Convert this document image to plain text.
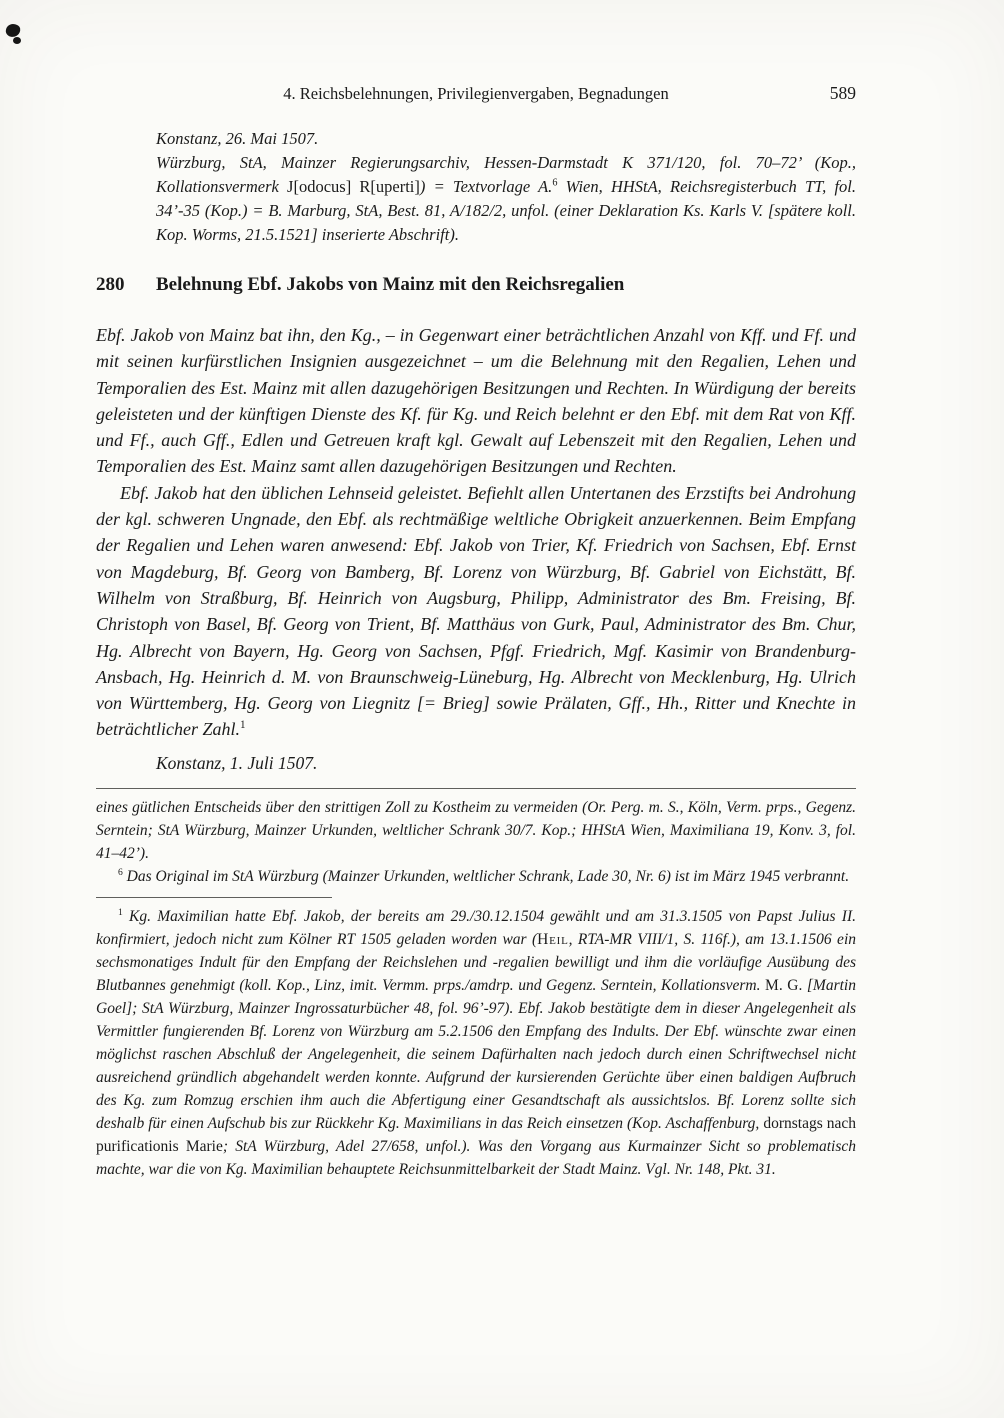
4. Reichsbelehnungen, Privilegienvergaben, Begnadungen	589

Konstanz, 26. Mai 1507.

Würzburg, StA, Mainzer Regierungsarchiv, Hessen-Darmstadt K 371/120, fol. 70–72’ (Kop., Kollationsvermerk J[odocus] R[uperti]) = Textvorlage A.$^6$ Wien, HHStA, Reichsregisterbuch TT, fol. 34’-35 (Kop.) = B. Marburg, StA, Best. 81, A/182/2, unfol. (einer Deklaration Ks. Karls V. [spätere koll. Kop. Worms, 21.5.1521] inserierte Abschrift).

280	Belehnung Ebf. Jakobs von Mainz mit den Reichsregalien

Ebf. Jakob von Mainz bat ihn, den Kg., – in Gegenwart einer beträchtlichen Anzahl von Kff. und Ff. und mit seinen kurfürstlichen Insignien ausgezeichnet – um die Belehnung mit den Regalien, Lehen und Temporalien des Est. Mainz mit allen dazugehörigen Besitzungen und Rechten. In Würdigung der bereits geleisteten und der künftigen Dienste des Kf. für Kg. und Reich belehnt er den Ebf. mit dem Rat von Kff. und Ff., auch Gff., Edlen und Getreuen kraft kgl. Gewalt auf Lebenszeit mit den Regalien, Lehen und Temporalien des Est. Mainz samt allen dazugehörigen Besitzungen und Rechten.

Ebf. Jakob hat den üblichen Lehnseid geleistet. Befiehlt allen Untertanen des Erzstifts bei Androhung der kgl. schweren Ungnade, den Ebf. als rechtmäßige weltliche Obrigkeit anzuerkennen. Beim Empfang der Regalien und Lehen waren anwesend: Ebf. Jakob von Trier, Kf. Friedrich von Sachsen, Ebf. Ernst von Magdeburg, Bf. Georg von Bamberg, Bf. Lorenz von Würzburg, Bf. Gabriel von Eichstätt, Bf. Wilhelm von Straßburg, Bf. Heinrich von Augsburg, Philipp, Administrator des Bm. Freising, Bf. Christoph von Basel, Bf. Georg von Trient, Bf. Matthäus von Gurk, Paul, Administrator des Bm. Chur, Hg. Albrecht von Bayern, Hg. Georg von Sachsen, Pfgf. Friedrich, Mgf. Kasimir von Brandenburg-Ansbach, Hg. Heinrich d. M. von Braunschweig-Lüneburg, Hg. Albrecht von Mecklenburg, Hg. Ulrich von Württemberg, Hg. Georg von Liegnitz [= Brieg] sowie Prälaten, Gff., Hh., Ritter und Knechte in beträchtlicher Zahl.$^1$

Konstanz, 1. Juli 1507.

eines gütlichen Entscheids über den strittigen Zoll zu Kostheim zu vermeiden (Or. Perg. m. S., Köln, Verm. prps., Gegenz. Serntein; StA Würzburg, Mainzer Urkunden, weltlicher Schrank 30/7. Kop.; HHStA Wien, Maximiliana 19, Konv. 3, fol. 41–42’).

$^6$ Das Original im StA Würzburg (Mainzer Urkunden, weltlicher Schrank, Lade 30, Nr. 6) ist im März 1945 verbrannt.

$^1$ Kg. Maximilian hatte Ebf. Jakob, der bereits am 29./30.12.1504 gewählt und am 31.3.1505 von Papst Julius II. konfirmiert, jedoch nicht zum Kölner RT 1505 geladen worden war (Heil, RTA-MR VIII/1, S. 116f.), am 13.1.1506 ein sechsmonatiges Indult für den Empfang der Reichslehen und -regalien bewilligt und ihm die vorläufige Ausübung des Blutbannes genehmigt (koll. Kop., Linz, imit. Vermm. prps./amdrp. und Gegenz. Serntein, Kollationsverm. M. G. [Martin Goel]; StA Würzburg, Mainzer Ingrossaturbücher 48, fol. 96’-97). Ebf. Jakob bestätigte dem in dieser Angelegenheit als Vermittler fungierenden Bf. Lorenz von Würzburg am 5.2.1506 den Empfang des Indults. Der Ebf. wünschte zwar einen möglichst raschen Abschluß der Angelegenheit, die seinem Dafürhalten nach jedoch durch einen Schriftwechsel nicht ausreichend gründlich abgehandelt werden konnte. Aufgrund der kursierenden Gerüchte über einen baldigen Aufbruch des Kg. zum Romzug erschien ihm auch die Abfertigung einer Gesandtschaft als aussichtslos. Bf. Lorenz sollte sich deshalb für einen Aufschub bis zur Rückkehr Kg. Maximilians in das Reich einsetzen (Kop. Aschaffenburg, dornstags nach purificationis Marie; StA Würzburg, Adel 27/658, unfol.). Was den Vorgang aus Kurmainzer Sicht so problematisch machte, war die von Kg. Maximilian behauptete Reichsunmittelbarkeit der Stadt Mainz. Vgl. Nr. 148, Pkt. 31.
